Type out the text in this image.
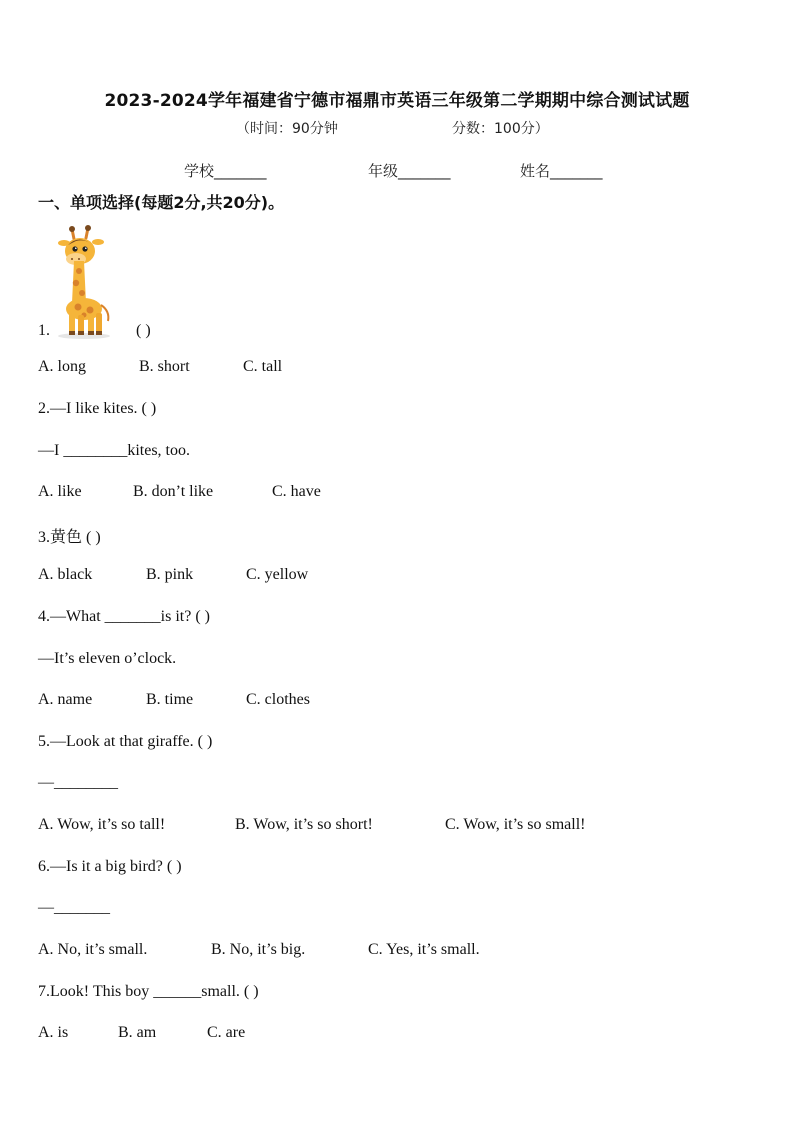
2023-2024学年福建省宁德市福鼎市英语三年级第二学期期中综合测试试题
（时间：90分钟	分数：100分）
学校_______	年级_______	姓名_______
一、单项选择(每题2分,共20分)。
1.	( )
A. long	B. short	C. tall
2.—I like kites. ( )
—I ________kites, too.
A. like	B. don’t like	C. have
3.黄色 ( )
A. black	B. pink	C. yellow
4.—What _______is it? ( )
—It’s eleven o’clock.
A. name	B. time	C. clothes
5.—Look at that giraffe. ( )
—________
A. Wow, it’s so tall!	B. Wow, it’s so short!	C. Wow, it’s so small!
6.—Is it a big bird? ( )
—_______
A. No, it’s small.	B. No, it’s big.	C. Yes, it’s small.
7.Look! This boy ______small. ( )
A. is	B. am	C. are
